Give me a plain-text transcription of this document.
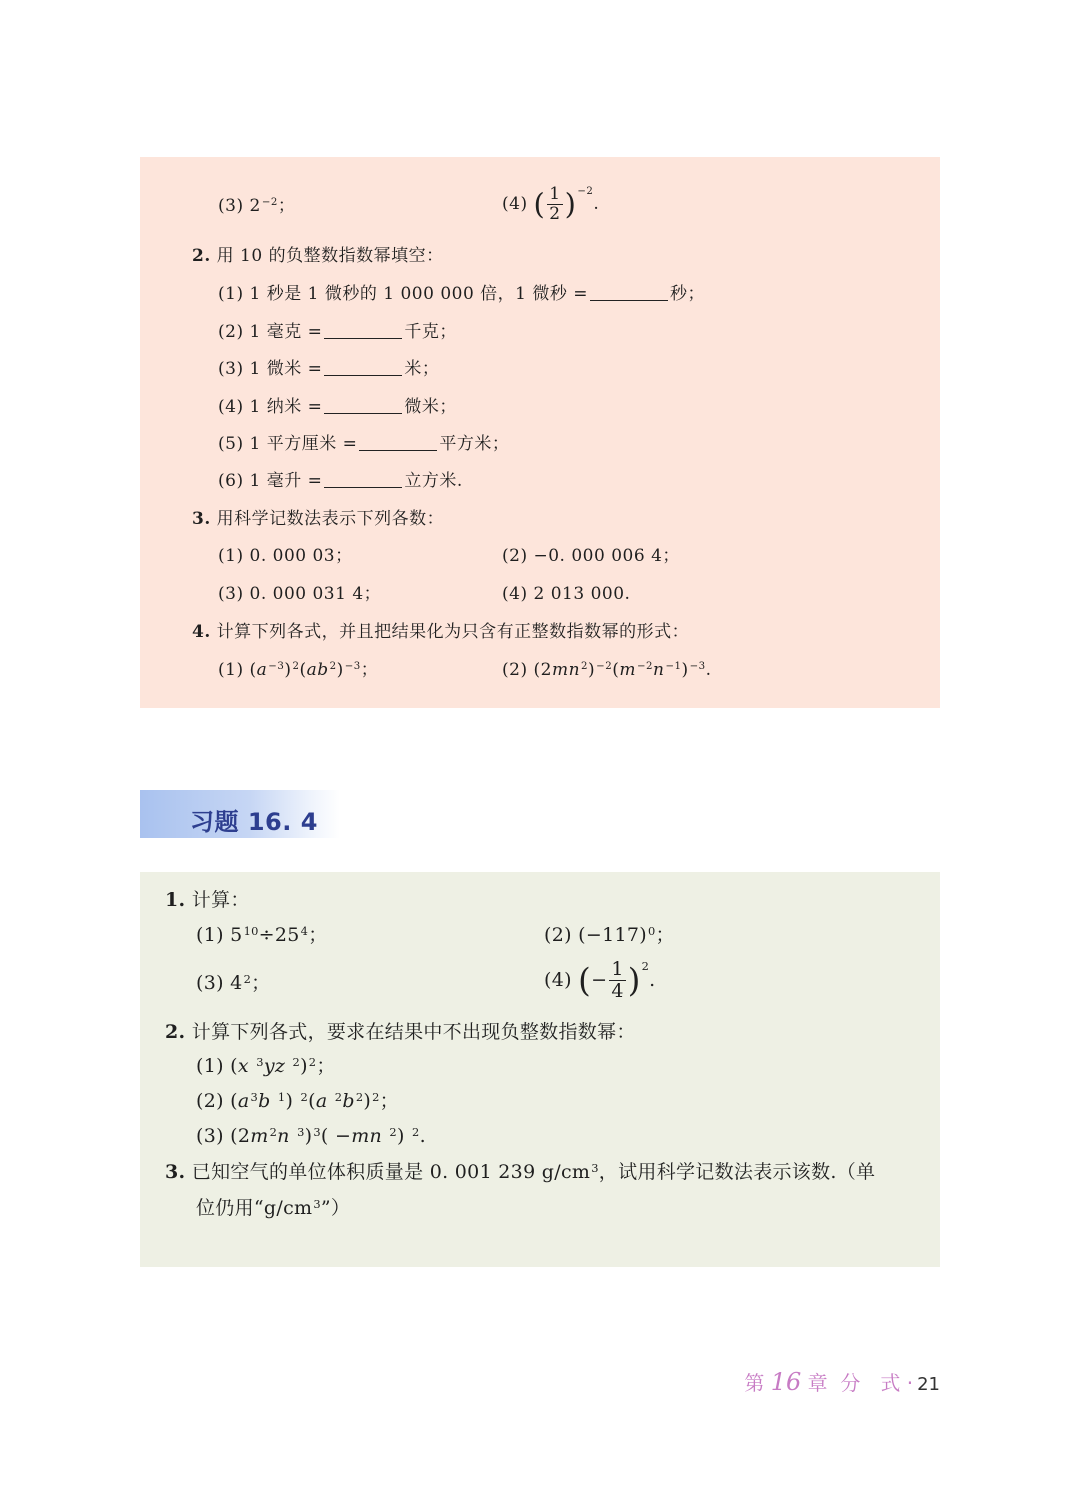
(3) $2^{-2}$；	(4) ( $\frac{1}{2} )^{-2}$.
2. 用 10 的负整数指数幂填空：
(1) 1 秒是 1 微秒的 1 000 000 倍，1 微秒 =	秒；
(2) 1 毫克 =	千克；
(3) 1 微米 =	米；
(4) 1 纳米 =	微米；
(5) 1 平方厘米 =	平方米；
(6) 1 毫升 =	立方米.
3. 用科学记数法表示下列各数：
(1) 0. 000 03；	(2) −0. 000 006 4；
(3) 0. 000 031 4；	(4) 2 013 000.
4. 计算下列各式，并且把结果化为只含有正整数指数幂的形式：
(1) $(a^{-3})^2(ab^2)^{-3}$；	(2) $(2mn^2)^{-2}(m^{-2}n^{-1})^{-3}$.
习题 16. 4
1. 计算：
(1) $5^{10}\div 25^4$；	(2) $(-117)^0$；
(3) $4^2$；	(4) (− $\frac{1}{4} )^2$.
2. 计算下列各式，要求在结果中不出现负整数指数幂：
(1) (x $^3$yz $^2$)$^2$；
(2) ($a^3b$ $^1$) $^2$(a $^2b^2)^2$；
(3) ($2m^2n$ $^3$)$^3$( −mn $^2$) $^2$.
3. 已知空气的单位体积质量是 0. 001 239 $g/cm^3$，试用科学记数法表示该数.（单
位仍用“$g/cm^3$”）
第 16 章 分　式 · 21
